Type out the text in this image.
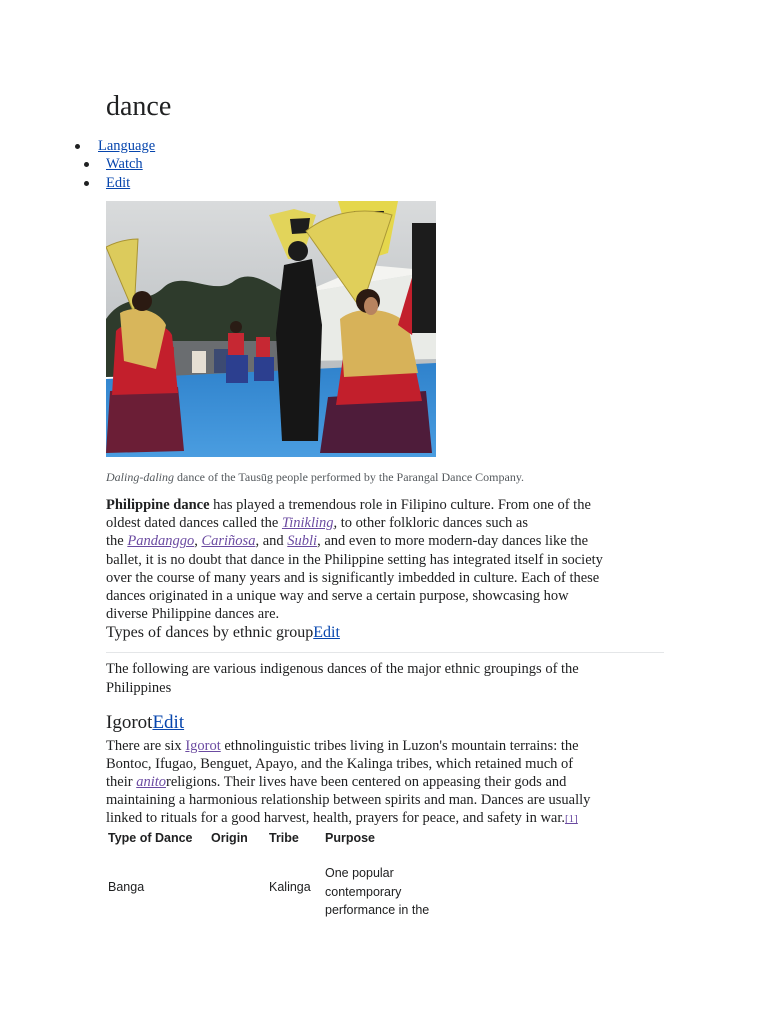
dance
Language
Watch
Edit
Daling-daling dance of the Tausūg people performed by the Parangal Dance Company.
Philippine dance has played a tremendous role in Filipino culture. From one of the
oldest dated dances called the Tinikling, to other folkloric dances such as
the Pandanggo, Cariñosa, and Subli, and even to more modern-day dances like the
ballet, it is no doubt that dance in the Philippine setting has integrated itself in society
over the course of many years and is significantly imbedded in culture. Each of these
dances originated in a unique way and serve a certain purpose, showcasing how
diverse Philippine dances are.
Types of dances by ethnic groupEdit
The following are various indigenous dances of the major ethnic groupings of the
Philippines
IgorotEdit
There are six Igorot ethnolinguistic tribes living in Luzon's mountain terrains: the
Bontoc, Ifugao, Benguet, Apayo, and the Kalinga tribes, which retained much of
their anitoreligions. Their lives have been centered on appeasing their gods and
maintaining a harmonious relationship between spirits and man. Dances are usually
linked to rituals for a good harvest, health, prayers for peace, and safety in war.[1]
Type of Dance Origin Tribe Purpose
Banga	Kalinga
One popular
contemporary
performance in the
